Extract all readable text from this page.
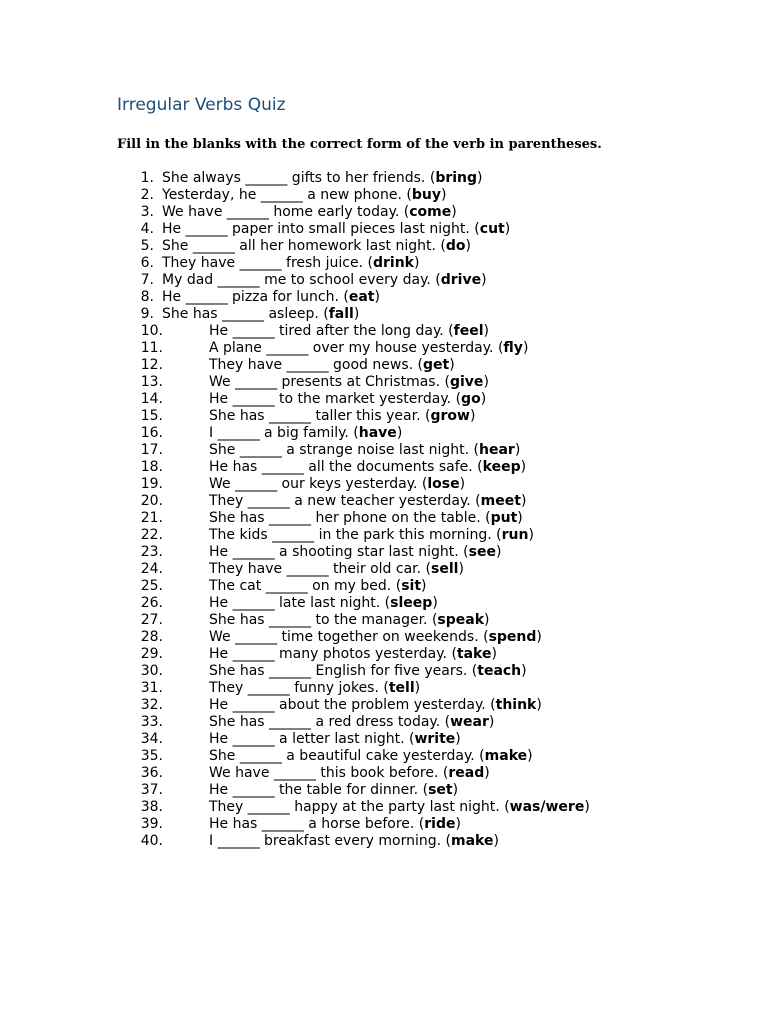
Irregular Verbs Quiz
Fill in the blanks with the correct form of the verb in parentheses.
1. She always ______ gifts to her friends. (bring)
2. Yesterday, he ______ a new phone. (buy)
3. We have ______ home early today. (come)
4. He ______ paper into small pieces last night. (cut)
5. She ______ all her homework last night. (do)
6. They have ______ fresh juice. (drink)
7. My dad ______ me to school every day. (drive)
8. He ______ pizza for lunch. (eat)
9. She has ______ asleep. (fall)
10.	He ______ tired after the long day. (feel)
11.	A plane ______ over my house yesterday. (fly)
12.	They have ______ good news. (get)
13.	We ______ presents at Christmas. (give)
14.	He ______ to the market yesterday. (go)
15.	She has ______ taller this year. (grow)
16.	I ______ a big family. (have)
17.	She ______ a strange noise last night. (hear)
18.	He has ______ all the documents safe. (keep)
19.	We ______ our keys yesterday. (lose)
20.	They ______ a new teacher yesterday. (meet)
21.	She has ______ her phone on the table. (put)
22.	The kids ______ in the park this morning. (run)
23.	He ______ a shooting star last night. (see)
24.	They have ______ their old car. (sell)
25.	The cat ______ on my bed. (sit)
26.	He ______ late last night. (sleep)
27.	She has ______ to the manager. (speak)
28.	We ______ time together on weekends. (spend)
29.	He ______ many photos yesterday. (take)
30.	She has ______ English for five years. (teach)
31.	They ______ funny jokes. (tell)
32.	He ______ about the problem yesterday. (think)
33.	She has ______ a red dress today. (wear)
34.	He ______ a letter last night. (write)
35.	She ______ a beautiful cake yesterday. (make)
36.	We have ______ this book before. (read)
37.	He ______ the table for dinner. (set)
38.	They ______ happy at the party last night. (was/were)
39.	He has ______ a horse before. (ride)
40.	I ______ breakfast every morning. (make)
